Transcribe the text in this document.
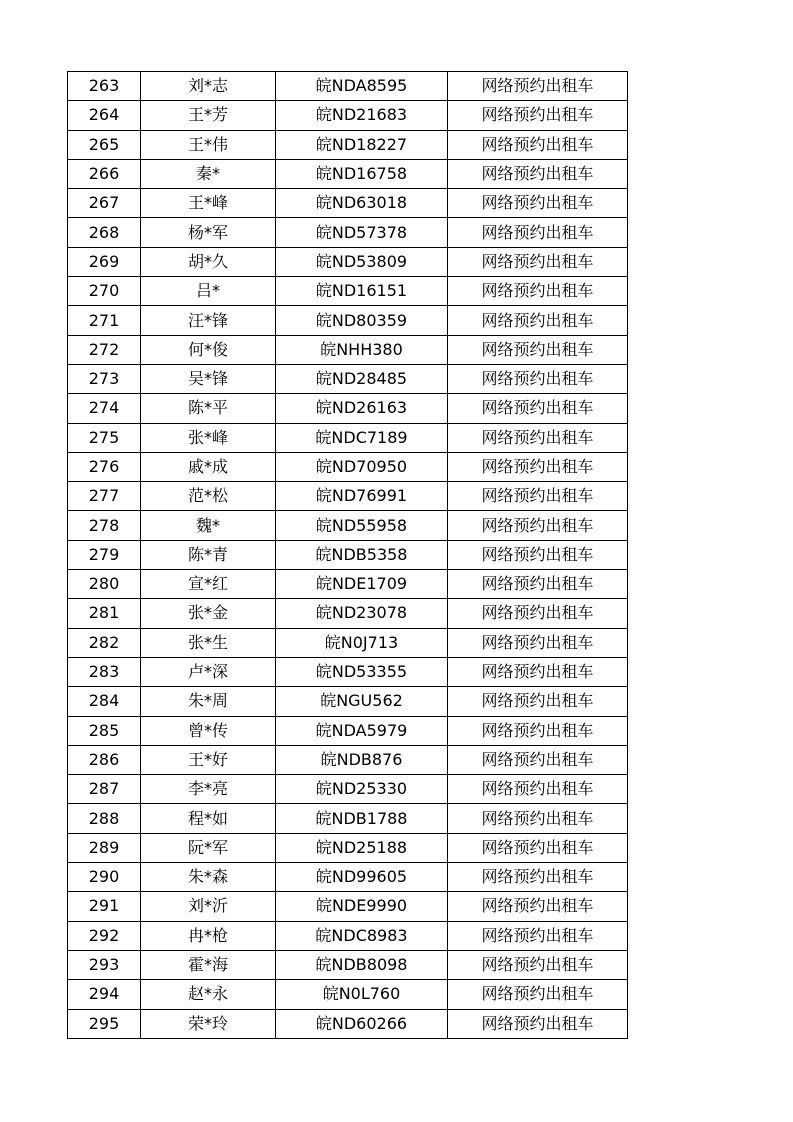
263	刘*志	皖NDA8595	网络预约出租车
264	王*芳	皖ND21683	网络预约出租车
265	王*伟	皖ND18227	网络预约出租车
266	秦*	皖ND16758	网络预约出租车
267	王*峰	皖ND63018	网络预约出租车
268	杨*军	皖ND57378	网络预约出租车
269	胡*久	皖ND53809	网络预约出租车
270	吕*	皖ND16151	网络预约出租车
271	汪*锋	皖ND80359	网络预约出租车
272	何*俊	皖NHH380	网络预约出租车
273	吴*锋	皖ND28485	网络预约出租车
274	陈*平	皖ND26163	网络预约出租车
275	张*峰	皖NDC7189	网络预约出租车
276	戚*成	皖ND70950	网络预约出租车
277	范*松	皖ND76991	网络预约出租车
278	魏*	皖ND55958	网络预约出租车
279	陈*青	皖NDB5358	网络预约出租车
280	宣*红	皖NDE1709	网络预约出租车
281	张*金	皖ND23078	网络预约出租车
282	张*生	皖N0J713	网络预约出租车
283	卢*深	皖ND53355	网络预约出租车
284	朱*周	皖NGU562	网络预约出租车
285	曾*传	皖NDA5979	网络预约出租车
286	王*好	皖NDB876	网络预约出租车
287	李*亮	皖ND25330	网络预约出租车
288	程*如	皖NDB1788	网络预约出租车
289	阮*军	皖ND25188	网络预约出租车
290	朱*森	皖ND99605	网络预约出租车
291	刘*沂	皖NDE9990	网络预约出租车
292	冉*枪	皖NDC8983	网络预约出租车
293	霍*海	皖NDB8098	网络预约出租车
294	赵*永	皖N0L760	网络预约出租车
295	荣*玲	皖ND60266	网络预约出租车
